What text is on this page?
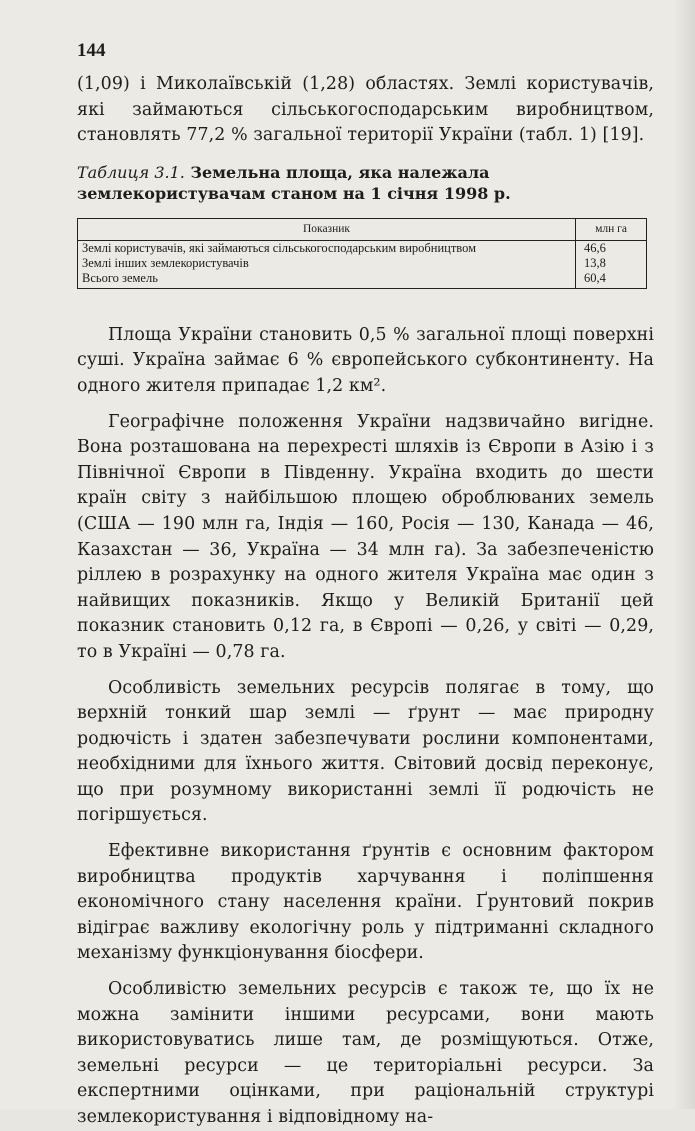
144

(1,09) і Миколаївській (1,28) областях. Землі користувачів, які займаються сільськогосподарським виробництвом, становлять 77,2 % загальної території України (табл. 1) [19].

Таблиця 3.1. Земельна площа, яка належала землекористувачам станом на 1 січня 1998 р.
Показник	млн га
Землі користувачів, які займаються сільськогосподарським виробництвом	46,6
Землі інших землекористувачів	13,8
Всього земель	60,4

Площа України становить 0,5 % загальної площі поверхні суші. Україна займає 6 % європейського субконтиненту. На одного жителя припадає 1,2 км².

Географічне положення України надзвичайно вигідне. Вона розташована на перехресті шляхів із Європи в Азію і з Північної Європи в Південну. Україна входить до шести країн світу з найбільшою площею оброблюваних земель (США — 190 млн га, Індія — 160, Росія — 130, Канада — 46, Казахстан — 36, Україна — 34 млн га). За забезпеченістю ріллею в розрахунку на одного жителя Україна має один з найвищих показників. Якщо у Великій Британії цей показник становить 0,12 га, в Європі — 0,26, у світі — 0,29, то в Україні — 0,78 га.

Особливість земельних ресурсів полягає в тому, що верхній тонкий шар землі — ґрунт — має природну родючість і здатен забезпечувати рослини компонентами, необхідними для їхнього життя. Світовий досвід переконує, що при розумному використанні землі її родючість не погіршується.

Ефективне використання ґрунтів є основним фактором виробництва продуктів харчування і поліпшення економічного стану населення країни. Ґрунтовий покрив відіграє важливу екологічну роль у підтриманні складного механізму функціонування біосфери.

Особливістю земельних ресурсів є також те, що їх не можна замінити іншими ресурсами, вони мають використовуватись лише там, де розміщуються. Отже, земельні ресурси — це територіальні ресурси. За експертними оцінками, при раціональній структурі землекористування і відповідному на-
